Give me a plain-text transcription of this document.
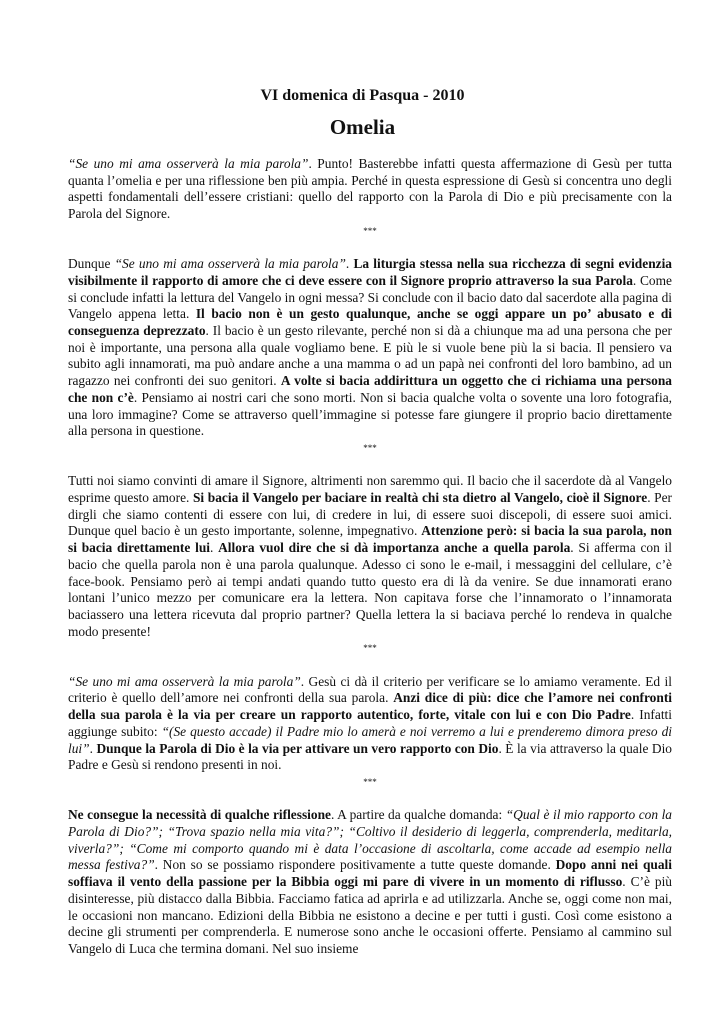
VI domenica di Pasqua - 2010
Omelia

“Se uno mi ama osserverà la mia parola”. Punto! Basterebbe infatti questa affermazione di Gesù per tutta quanta l’omelia e per una riflessione ben più ampia. Perché in questa espressione di Gesù si concentra uno degli aspetti fondamentali dell’essere cristiani: quello del rapporto con la Parola di Dio e più precisamente con la Parola del Signore.

***

Dunque “Se uno mi ama osserverà la mia parola”. La liturgia stessa nella sua ricchezza di segni evidenzia visibilmente il rapporto di amore che ci deve essere con il Signore proprio attraverso la sua Parola. Come si conclude infatti la lettura del Vangelo in ogni messa? Si conclude con il bacio dato dal sacerdote alla pagina di Vangelo appena letta. Il bacio non è un gesto qualunque, anche se oggi appare un po’ abusato e di conseguenza deprezzato. Il bacio è un gesto rilevante, perché non si dà a chiunque ma ad una persona che per noi è importante, una persona alla quale vogliamo bene. E più le si vuole bene più la si bacia. Il pensiero va subito agli innamorati, ma può andare anche a una mamma o ad un papà nei confronti del loro bambino, ad un ragazzo nei confronti dei suo genitori. A volte si bacia addirittura un oggetto che ci richiama una persona che non c’è. Pensiamo ai nostri cari che sono morti. Non si bacia qualche volta o sovente una loro fotografia, una loro immagine? Come se attraverso quell’immagine si potesse fare giungere il proprio bacio direttamente alla persona in questione.

***

Tutti noi siamo convinti di amare il Signore, altrimenti non saremmo qui. Il bacio che il sacerdote dà al Vangelo esprime questo amore. Si bacia il Vangelo per baciare in realtà chi sta dietro al Vangelo, cioè il Signore. Per dirgli che siamo contenti di essere con lui, di credere in lui, di essere suoi discepoli, di essere suoi amici. Dunque quel bacio è un gesto importante, solenne, impegnativo. Attenzione però: si bacia la sua parola, non si bacia direttamente lui. Allora vuol dire che si dà importanza anche a quella parola. Si afferma con il bacio che quella parola non è una parola qualunque. Adesso ci sono le e-mail, i messaggini del cellulare, c’è face-book. Pensiamo però ai tempi andati quando tutto questo era di là da venire. Se due innamorati erano lontani l’unico mezzo per comunicare era la lettera. Non capitava forse che l’innamorato o l’innamorata baciassero una lettera ricevuta dal proprio partner? Quella lettera la si baciava perché lo rendeva in qualche modo presente!

***

“Se uno mi ama osserverà la mia parola”. Gesù ci dà il criterio per verificare se lo amiamo veramente. Ed il criterio è quello dell’amore nei confronti della sua parola. Anzi dice di più: dice che l’amore nei confronti della sua parola è la via per creare un rapporto autentico, forte, vitale con lui e con Dio Padre. Infatti aggiunge subito: “(Se questo accade) il Padre mio lo amerà e noi verremo a lui e prenderemo dimora preso di lui”. Dunque la Parola di Dio è la via per attivare un vero rapporto con Dio. È la via attraverso la quale Dio Padre e Gesù si rendono presenti in noi.

***

Ne consegue la necessità di qualche riflessione. A partire da qualche domanda: “Qual è il mio rapporto con la Parola di Dio?”; “Trova spazio nella mia vita?”; “Coltivo il desiderio di leggerla, comprenderla, meditarla, viverla?”; “Come mi comporto quando mi è data l’occasione di ascoltarla, come accade ad esempio nella messa festiva?”. Non so se possiamo rispondere positivamente a tutte queste domande. Dopo anni nei quali soffiava il vento della passione per la Bibbia oggi mi pare di vivere in un momento di riflusso. C’è più disinteresse, più distacco dalla Bibbia. Facciamo fatica ad aprirla e ad utilizzarla. Anche se, oggi come non mai, le occasioni non mancano. Edizioni della Bibbia ne esistono a decine e per tutti i gusti. Così come esistono a decine gli strumenti per comprenderla. E numerose sono anche le occasioni offerte. Pensiamo al cammino sul Vangelo di Luca che termina domani. Nel suo insieme
